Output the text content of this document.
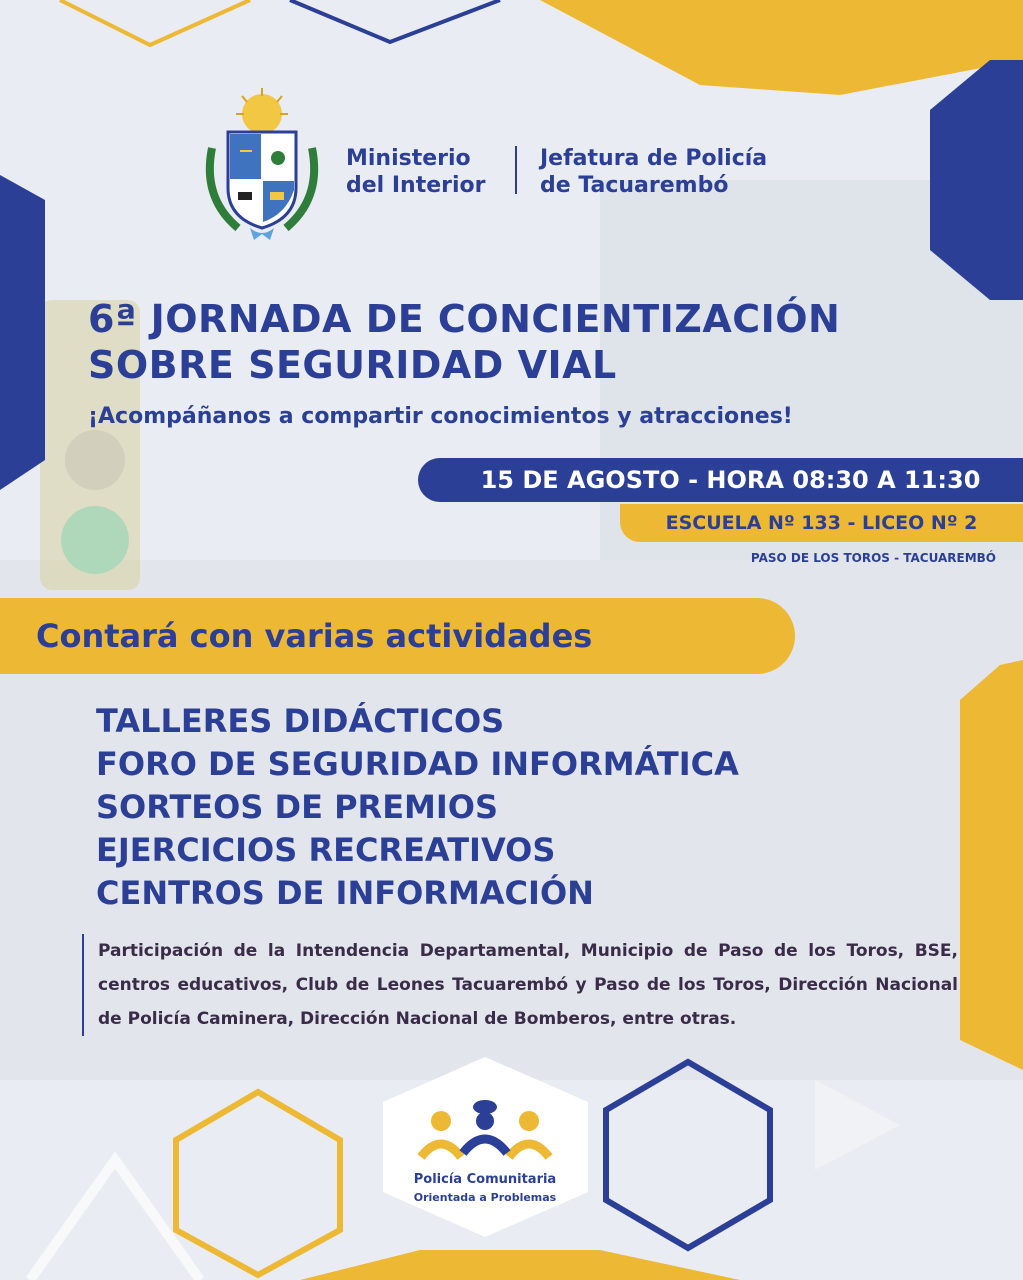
Ministerio
del Interior
Jefatura de Policía
de Tacuarembó
6ª JORNADA DE CONCIENTIZACIÓN
SOBRE SEGURIDAD VIAL
¡Acompáñanos a compartir conocimientos y atracciones!
15 DE AGOSTO - HORA 08:30 A 11:30
ESCUELA Nº 133 - LICEO Nº 2
PASO DE LOS TOROS - TACUAREMBÓ
Contará con varias actividades
TALLERES DIDÁCTICOS
FORO DE SEGURIDAD INFORMÁTICA
SORTEOS DE PREMIOS
EJERCICIOS RECREATIVOS
CENTROS DE INFORMACIÓN
Participación de la Intendencia Departamental, Municipio de Paso de los Toros, BSE, centros educativos, Club de Leones Tacuarembó y Paso de los Toros, Dirección Nacional de Policía Caminera, Dirección Nacional de Bomberos, entre otras.
Policía Comunitaria
Orientada a Problemas
